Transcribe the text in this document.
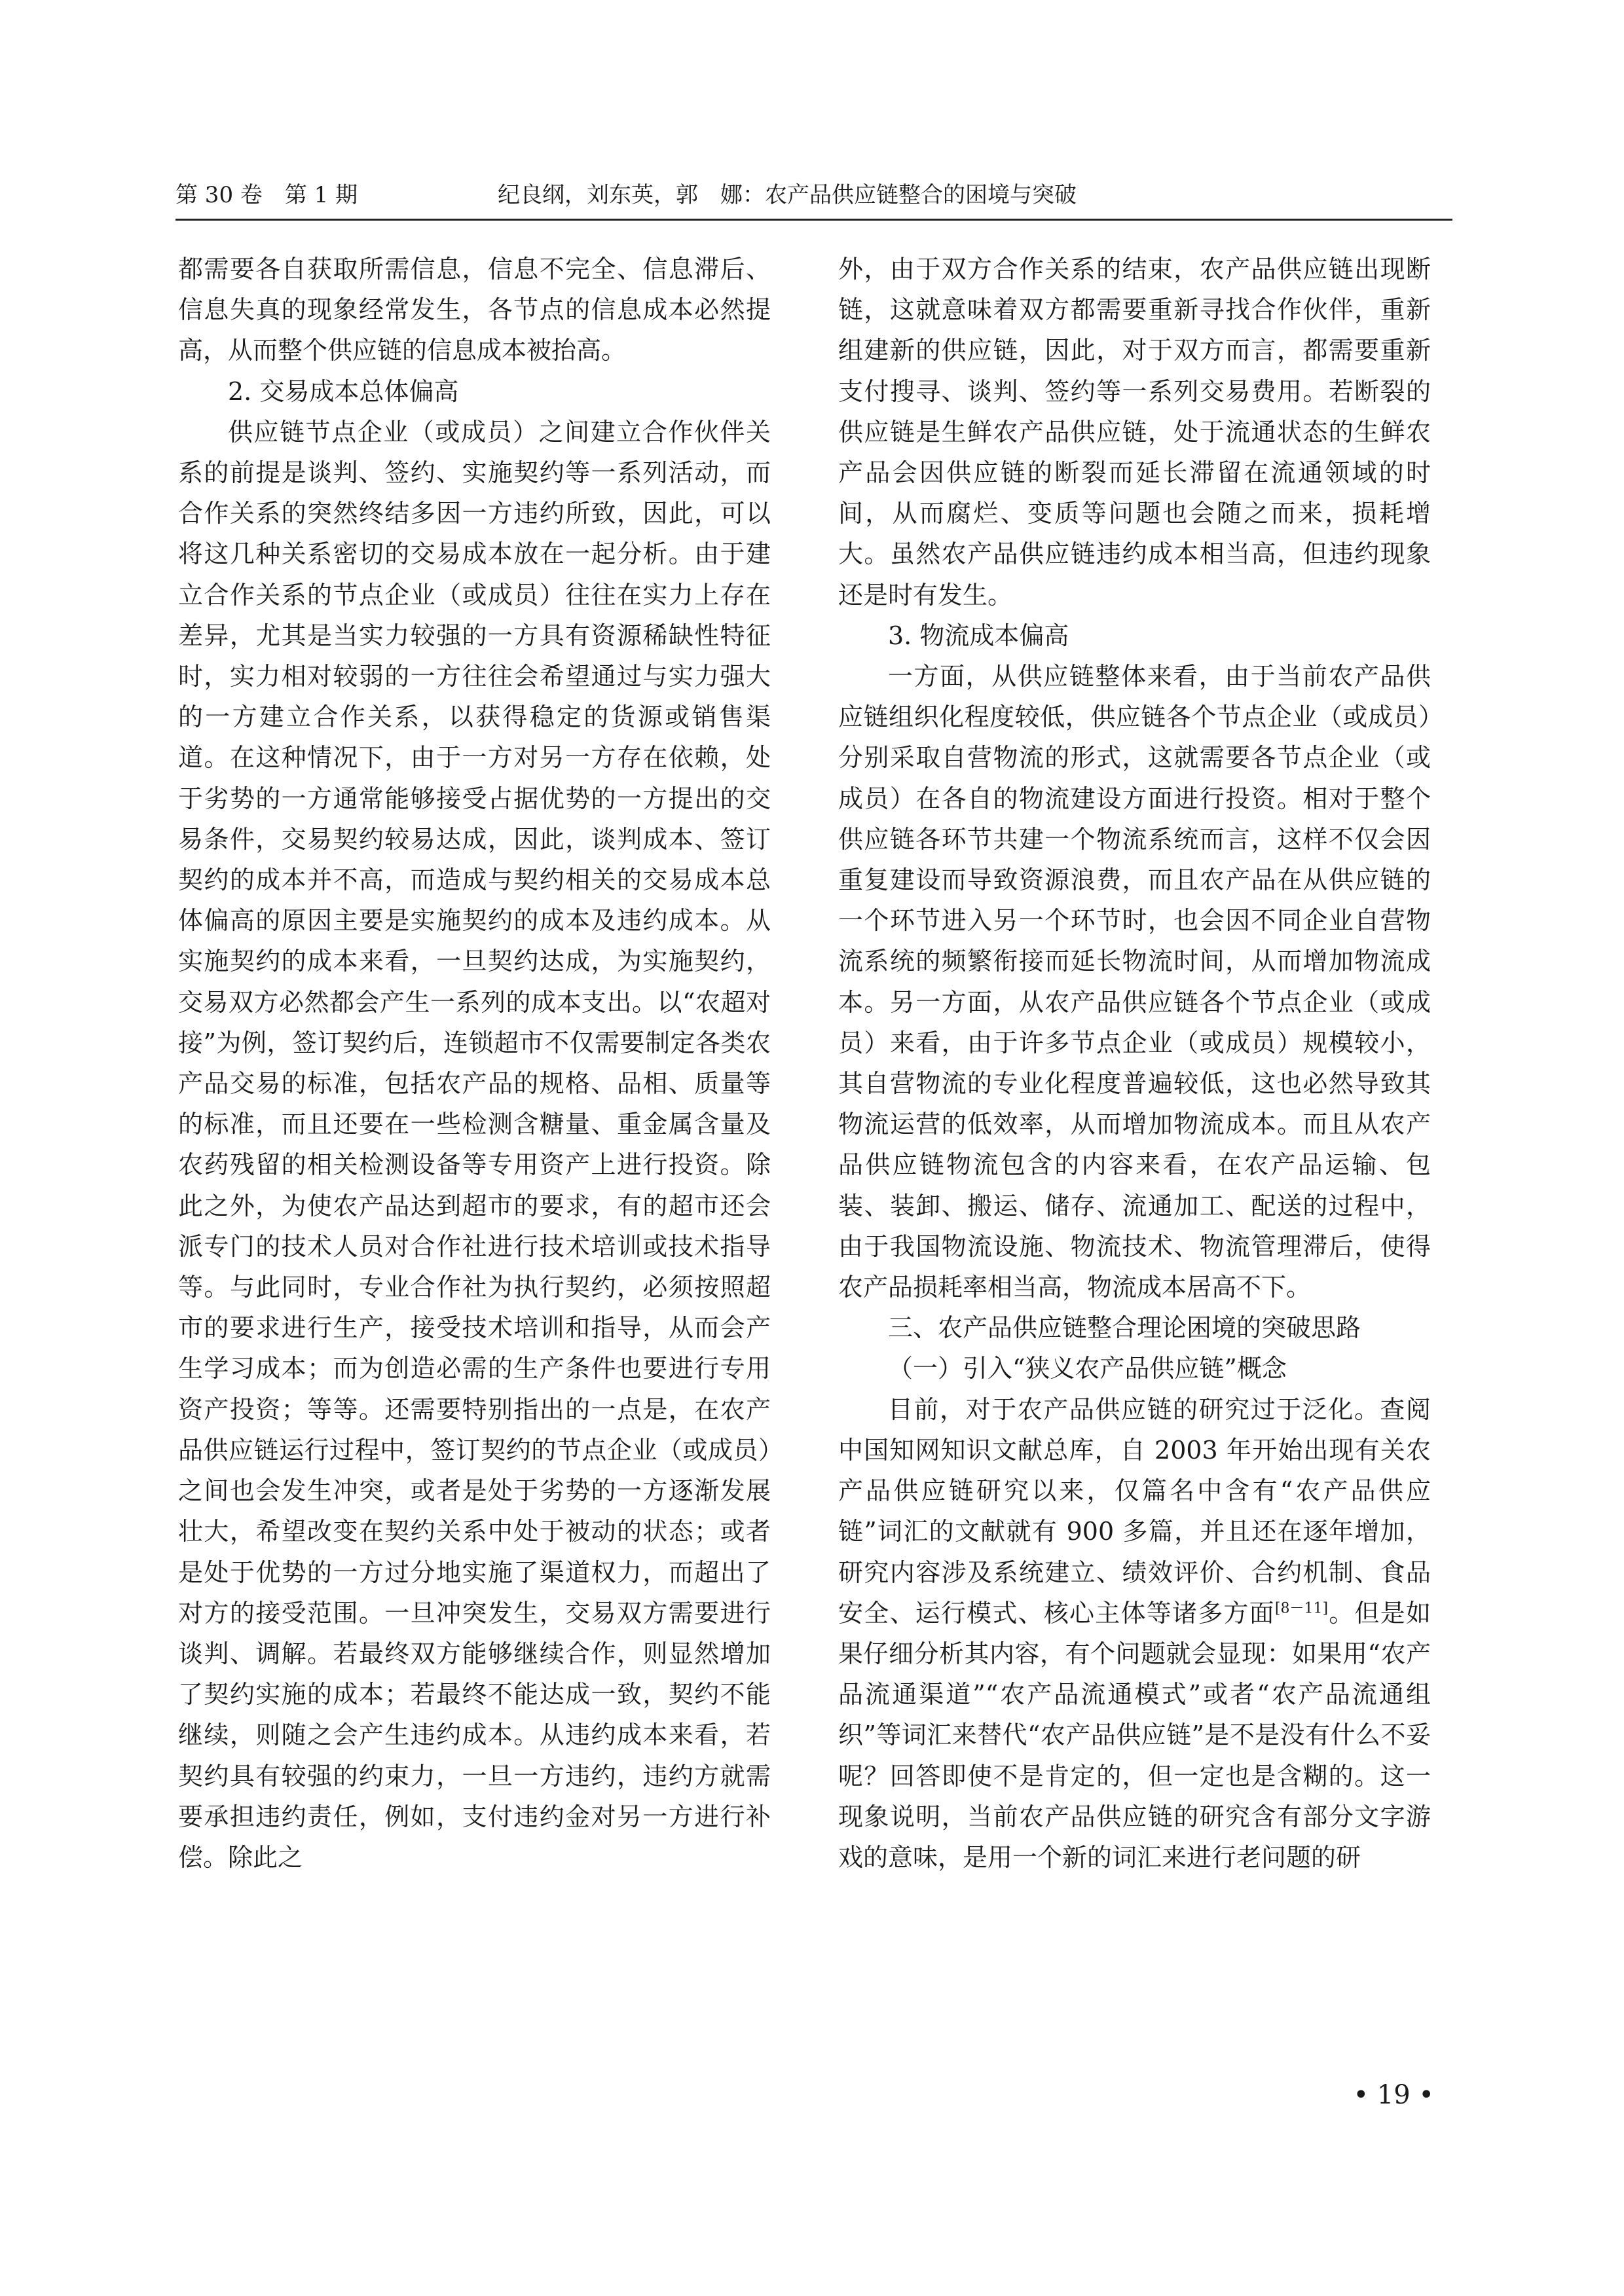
第 30 卷　第 1 期	纪良纲，刘东英，郭　娜：农产品供应链整合的困境与突破

都需要各自获取所需信息，信息不完全、信息滞后、信息失真的现象经常发生，各节点的信息成本必然提高，从而整个供应链的信息成本被抬高。

2. 交易成本总体偏高

供应链节点企业（或成员）之间建立合作伙伴关系的前提是谈判、签约、实施契约等一系列活动，而合作关系的突然终结多因一方违约所致，因此，可以将这几种关系密切的交易成本放在一起分析。由于建立合作关系的节点企业（或成员）往往在实力上存在差异，尤其是当实力较强的一方具有资源稀缺性特征时，实力相对较弱的一方往往会希望通过与实力强大的一方建立合作关系，以获得稳定的货源或销售渠道。在这种情况下，由于一方对另一方存在依赖，处于劣势的一方通常能够接受占据优势的一方提出的交易条件，交易契约较易达成，因此，谈判成本、签订契约的成本并不高，而造成与契约相关的交易成本总体偏高的原因主要是实施契约的成本及违约成本。从实施契约的成本来看，一旦契约达成，为实施契约，交易双方必然都会产生一系列的成本支出。以“农超对接”为例，签订契约后，连锁超市不仅需要制定各类农产品交易的标准，包括农产品的规格、品相、质量等的标准，而且还要在一些检测含糖量、重金属含量及农药残留的相关检测设备等专用资产上进行投资。除此之外，为使农产品达到超市的要求，有的超市还会派专门的技术人员对合作社进行技术培训或技术指导等。与此同时，专业合作社为执行契约，必须按照超市的要求进行生产，接受技术培训和指导，从而会产生学习成本；而为创造必需的生产条件也要进行专用资产投资；等等。还需要特别指出的一点是，在农产品供应链运行过程中，签订契约的节点企业（或成员）之间也会发生冲突，或者是处于劣势的一方逐渐发展壮大，希望改变在契约关系中处于被动的状态；或者是处于优势的一方过分地实施了渠道权力，而超出了对方的接受范围。一旦冲突发生，交易双方需要进行谈判、调解。若最终双方能够继续合作，则显然增加了契约实施的成本；若最终不能达成一致，契约不能继续，则随之会产生违约成本。从违约成本来看，若契约具有较强的约束力，一旦一方违约，违约方就需要承担违约责任，例如，支付违约金对另一方进行补偿。除此之

外，由于双方合作关系的结束，农产品供应链出现断链，这就意味着双方都需要重新寻找合作伙伴，重新组建新的供应链，因此，对于双方而言，都需要重新支付搜寻、谈判、签约等一系列交易费用。若断裂的供应链是生鲜农产品供应链，处于流通状态的生鲜农产品会因供应链的断裂而延长滞留在流通领域的时间，从而腐烂、变质等问题也会随之而来，损耗增大。虽然农产品供应链违约成本相当高，但违约现象还是时有发生。

3. 物流成本偏高

一方面，从供应链整体来看，由于当前农产品供应链组织化程度较低，供应链各个节点企业（或成员）分别采取自营物流的形式，这就需要各节点企业（或成员）在各自的物流建设方面进行投资。相对于整个供应链各环节共建一个物流系统而言，这样不仅会因重复建设而导致资源浪费，而且农产品在从供应链的一个环节进入另一个环节时，也会因不同企业自营物流系统的频繁衔接而延长物流时间，从而增加物流成本。另一方面，从农产品供应链各个节点企业（或成员）来看，由于许多节点企业（或成员）规模较小，其自营物流的专业化程度普遍较低，这也必然导致其物流运营的低效率，从而增加物流成本。而且从农产品供应链物流包含的内容来看，在农产品运输、包装、装卸、搬运、储存、流通加工、配送的过程中，由于我国物流设施、物流技术、物流管理滞后，使得农产品损耗率相当高，物流成本居高不下。

三、农产品供应链整合理论困境的突破思路

（一）引入“狭义农产品供应链”概念

目前，对于农产品供应链的研究过于泛化。查阅中国知网知识文献总库，自 2003 年开始出现有关农产品供应链研究以来，仅篇名中含有“农产品供应链”词汇的文献就有 900 多篇，并且还在逐年增加，研究内容涉及系统建立、绩效评价、合约机制、食品安全、运行模式、核心主体等诸多方面[8－11]。但是如果仔细分析其内容，有个问题就会显现：如果用“农产品流通渠道”“农产品流通模式”或者“农产品流通组织”等词汇来替代“农产品供应链”是不是没有什么不妥呢？回答即使不是肯定的，但一定也是含糊的。这一现象说明，当前农产品供应链的研究含有部分文字游戏的意味，是用一个新的词汇来进行老问题的研

• 19 •
